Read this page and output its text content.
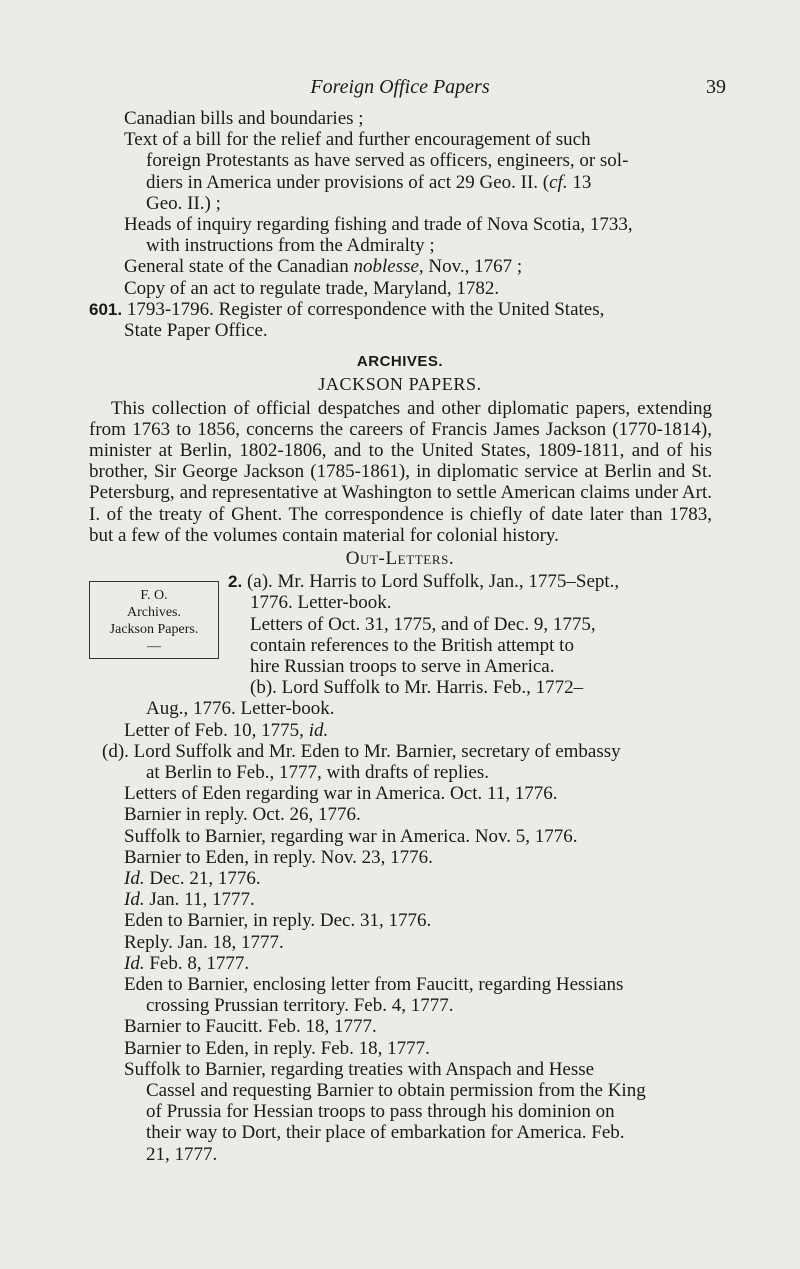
Foreign Office Papers	39
Canadian bills and boundaries ;
Text of a bill for the relief and further encouragement of such
foreign Protestants as have served as officers, engineers, or sol-
diers in America under provisions of act 29 Geo. II. (cf. 13
Geo. II.) ;
Heads of inquiry regarding fishing and trade of Nova Scotia, 1733,
with instructions from the Admiralty ;
General state of the Canadian noblesse, Nov., 1767 ;
Copy of an act to regulate trade, Maryland, 1782.
601. 1793-1796. Register of correspondence with the United States,
State Paper Office.
ARCHIVES.
JACKSON PAPERS.
This collection of official despatches and other diplomatic papers, extending from 1763 to 1856, concerns the careers of Francis James Jackson (1770-1814), minister at Berlin, 1802-1806, and to the United States, 1809-1811, and of his brother, Sir George Jackson (1785-1861), in diplomatic service at Berlin and St. Petersburg, and representative at Washington to settle American claims under Art. I. of the treaty of Ghent. The correspondence is chiefly of date later than 1783, but a few of the volumes contain material for colonial history.
Out-Letters.
F. O.
Archives.
Jackson Papers.
—
2. (a). Mr. Harris to Lord Suffolk, Jan., 1775–Sept.,
1776. Letter-book.
Letters of Oct. 31, 1775, and of Dec. 9, 1775,
contain references to the British attempt to
hire Russian troops to serve in America.
(b). Lord Suffolk to Mr. Harris. Feb., 1772–
Aug., 1776. Letter-book.
Letter of Feb. 10, 1775, id.
(d). Lord Suffolk and Mr. Eden to Mr. Barnier, secretary of embassy
at Berlin to Feb., 1777, with drafts of replies.
Letters of Eden regarding war in America. Oct. 11, 1776.
Barnier in reply. Oct. 26, 1776.
Suffolk to Barnier, regarding war in America. Nov. 5, 1776.
Barnier to Eden, in reply. Nov. 23, 1776.
Id. Dec. 21, 1776.
Id. Jan. 11, 1777.
Eden to Barnier, in reply. Dec. 31, 1776.
Reply. Jan. 18, 1777.
Id. Feb. 8, 1777.
Eden to Barnier, enclosing letter from Faucitt, regarding Hessians
crossing Prussian territory. Feb. 4, 1777.
Barnier to Faucitt. Feb. 18, 1777.
Barnier to Eden, in reply. Feb. 18, 1777.
Suffolk to Barnier, regarding treaties with Anspach and Hesse
Cassel and requesting Barnier to obtain permission from the King
of Prussia for Hessian troops to pass through his dominion on
their way to Dort, their place of embarkation for America. Feb.
21, 1777.
